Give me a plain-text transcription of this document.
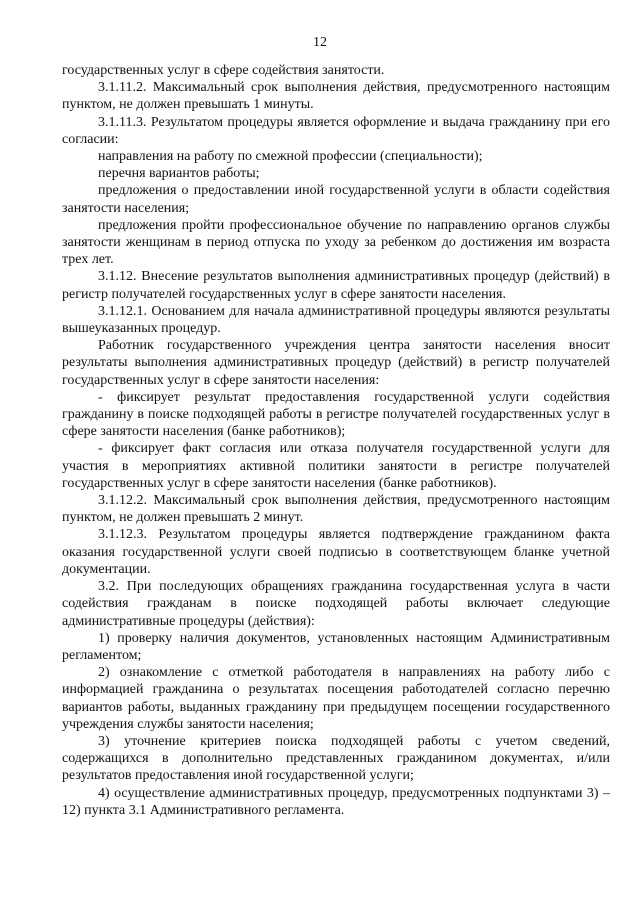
12

государственных услуг в сфере содействия занятости.

3.1.11.2. Максимальный срок выполнения действия, предусмотренного настоящим пунктом, не должен превышать 1 минуты.

3.1.11.3. Результатом процедуры является оформление и выдача гражданину при его согласии:

направления на работу по смежной профессии (специальности);

перечня вариантов работы;

предложения о предоставлении иной государственной услуги в области содействия занятости населения;

предложения пройти профессиональное обучение по направлению органов службы занятости женщинам в период отпуска по уходу за ребенком до достижения им возраста трех лет.

3.1.12. Внесение результатов выполнения административных процедур (действий) в регистр получателей государственных услуг в сфере занятости населения.

3.1.12.1. Основанием для начала административной процедуры являются результаты вышеуказанных процедур.

Работник государственного учреждения центра занятости населения вносит результаты выполнения административных процедур (действий) в регистр получателей государственных услуг в сфере занятости населения:

- фиксирует результат предоставления государственной услуги содействия гражданину в поиске подходящей работы в регистре получателей государственных услуг в сфере занятости населения (банке работников);

- фиксирует факт согласия или отказа получателя государственной услуги для участия в мероприятиях активной политики занятости в регистре получателей государственных услуг в сфере занятости населения (банке работников).

3.1.12.2. Максимальный срок выполнения действия, предусмотренного настоящим пунктом, не должен превышать 2 минут.

3.1.12.3. Результатом процедуры является подтверждение гражданином факта оказания государственной услуги своей подписью в соответствующем бланке учетной документации.

3.2. При последующих обращениях гражданина государственная услуга в части содействия гражданам в поиске подходящей работы включает следующие административные процедуры (действия):

1) проверку наличия документов, установленных настоящим Административным регламентом;

2) ознакомление с отметкой работодателя в направлениях на работу либо с информацией гражданина о результатах посещения работодателей согласно перечню вариантов работы, выданных гражданину при предыдущем посещении государственного учреждения службы занятости населения;

3) уточнение критериев поиска подходящей работы с учетом сведений, содержащихся в дополнительно представленных гражданином документах, и/или результатов предоставления иной государственной услуги;

4) осуществление административных процедур, предусмотренных подпунктами 3) – 12) пункта 3.1 Административного регламента.
